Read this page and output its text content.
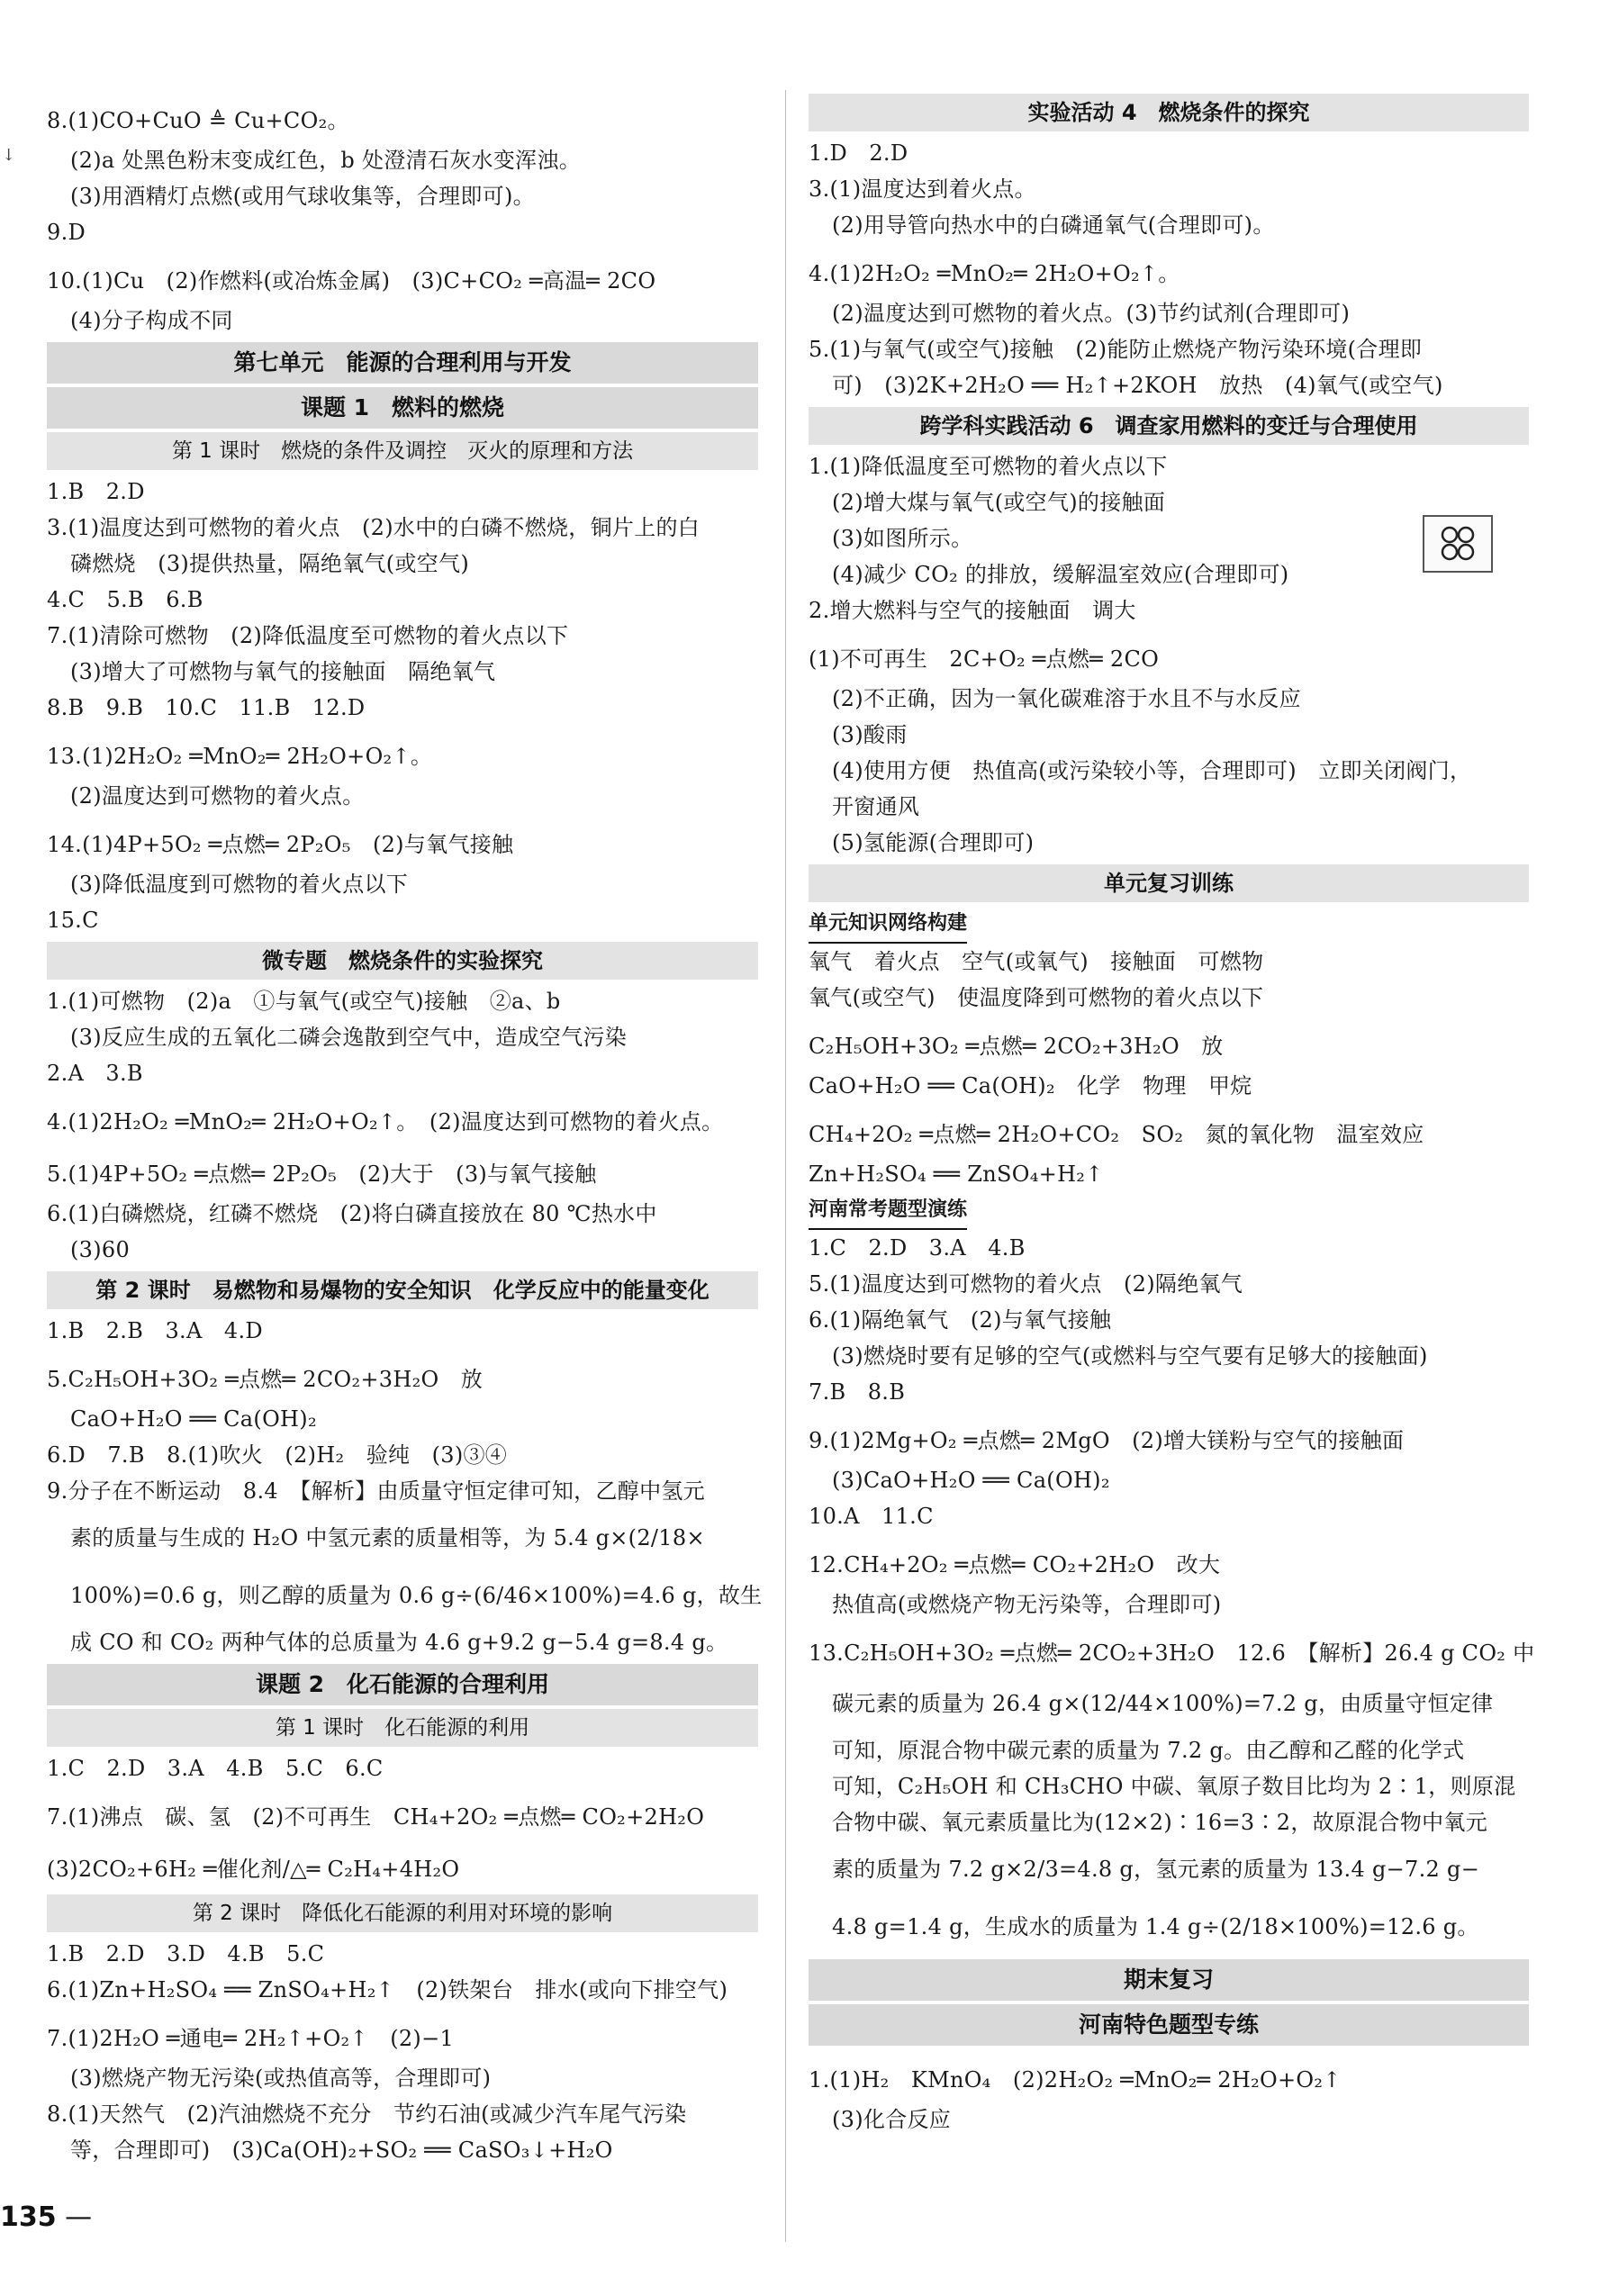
↓
8.(1)CO+CuO ≜ Cu+CO₂。
(2)a 处黑色粉末变成红色，b 处澄清石灰水变浑浊。
(3)用酒精灯点燃(或用气球收集等，合理即可)。
9.D
10.(1)Cu　(2)作燃料(或冶炼金属)　(3)C+CO₂ ═高温═ 2CO
(4)分子构成不同
第七单元　能源的合理利用与开发
课题 1　燃料的燃烧
第 1 课时　燃烧的条件及调控　灭火的原理和方法
1.B　2.D
3.(1)温度达到可燃物的着火点　(2)水中的白磷不燃烧，铜片上的白
磷燃烧　(3)提供热量，隔绝氧气(或空气)
4.C　5.B　6.B
7.(1)清除可燃物　(2)降低温度至可燃物的着火点以下
(3)增大了可燃物与氧气的接触面　隔绝氧气
8.B　9.B　10.C　11.B　12.D
13.(1)2H₂O₂ ═MnO₂═ 2H₂O+O₂↑。
(2)温度达到可燃物的着火点。
14.(1)4P+5O₂ ═点燃═ 2P₂O₅　(2)与氧气接触
(3)降低温度到可燃物的着火点以下
15.C
微专题　燃烧条件的实验探究
1.(1)可燃物　(2)a　①与氧气(或空气)接触　②a、b
(3)反应生成的五氧化二磷会逸散到空气中，造成空气污染
2.A　3.B
4.(1)2H₂O₂ ═MnO₂═ 2H₂O+O₂↑。　(2)温度达到可燃物的着火点。
5.(1)4P+5O₂ ═点燃═ 2P₂O₅　(2)大于　(3)与氧气接触
6.(1)白磷燃烧，红磷不燃烧　(2)将白磷直接放在 80 ℃热水中
(3)60
第 2 课时　易燃物和易爆物的安全知识　化学反应中的能量变化
1.B　2.B　3.A　4.D
5.C₂H₅OH+3O₂ ═点燃═ 2CO₂+3H₂O　放
CaO+H₂O ══ Ca(OH)₂
6.D　7.B　8.(1)吹火　(2)H₂　验纯　(3)③④
9.分子在不断运动　8.4　【解析】由质量守恒定律可知，乙醇中氢元
素的质量与生成的 H₂O 中氢元素的质量相等，为 5.4 g×(2/18×
100%)=0.6 g，则乙醇的质量为 0.6 g÷(6/46×100%)=4.6 g，故生
成 CO 和 CO₂ 两种气体的总质量为 4.6 g+9.2 g−5.4 g=8.4 g。
课题 2　化石能源的合理利用
第 1 课时　化石能源的利用
1.C　2.D　3.A　4.B　5.C　6.C
7.(1)沸点　碳、氢　(2)不可再生　CH₄+2O₂ ═点燃═ CO₂+2H₂O
(3)2CO₂+6H₂ ═催化剂/△═ C₂H₄+4H₂O
第 2 课时　降低化石能源的利用对环境的影响
1.B　2.D　3.D　4.B　5.C
6.(1)Zn+H₂SO₄ ══ ZnSO₄+H₂↑　(2)铁架台　排水(或向下排空气)
7.(1)2H₂O ═通电═ 2H₂↑+O₂↑　(2)−1
(3)燃烧产物无污染(或热值高等，合理即可)
8.(1)天然气　(2)汽油燃烧不充分　节约石油(或减少汽车尾气污染
等，合理即可)　(3)Ca(OH)₂+SO₂ ══ CaSO₃↓+H₂O
实验活动 4　燃烧条件的探究
1.D　2.D
3.(1)温度达到着火点。
(2)用导管向热水中的白磷通氧气(合理即可)。
4.(1)2H₂O₂ ═MnO₂═ 2H₂O+O₂↑。
(2)温度达到可燃物的着火点。(3)节约试剂(合理即可)
5.(1)与氧气(或空气)接触　(2)能防止燃烧产物污染环境(合理即
可)　(3)2K+2H₂O ══ H₂↑+2KOH　放热　(4)氧气(或空气)
跨学科实践活动 6　调查家用燃料的变迁与合理使用
1.(1)降低温度至可燃物的着火点以下
(2)增大煤与氧气(或空气)的接触面
(3)如图所示。
(4)减少 CO₂ 的排放，缓解温室效应(合理即可)
2.增大燃料与空气的接触面　调大
(1)不可再生　2C+O₂ ═点燃═ 2CO
(2)不正确，因为一氧化碳难溶于水且不与水反应
(3)酸雨
(4)使用方便　热值高(或污染较小等，合理即可)　立即关闭阀门，
开窗通风
(5)氢能源(合理即可)
单元复习训练
单元知识网络构建
氧气　着火点　空气(或氧气)　接触面　可燃物
氧气(或空气)　使温度降到可燃物的着火点以下
C₂H₅OH+3O₂ ═点燃═ 2CO₂+3H₂O　放
CaO+H₂O ══ Ca(OH)₂　化学　物理　甲烷
CH₄+2O₂ ═点燃═ 2H₂O+CO₂　SO₂　氮的氧化物　温室效应
Zn+H₂SO₄ ══ ZnSO₄+H₂↑
河南常考题型演练
1.C　2.D　3.A　4.B
5.(1)温度达到可燃物的着火点　(2)隔绝氧气
6.(1)隔绝氧气　(2)与氧气接触
(3)燃烧时要有足够的空气(或燃料与空气要有足够大的接触面)
7.B　8.B
9.(1)2Mg+O₂ ═点燃═ 2MgO　(2)增大镁粉与空气的接触面
(3)CaO+H₂O ══ Ca(OH)₂
10.A　11.C
12.CH₄+2O₂ ═点燃═ CO₂+2H₂O　改大
热值高(或燃烧产物无污染等，合理即可)
13.C₂H₅OH+3O₂ ═点燃═ 2CO₂+3H₂O　12.6　【解析】26.4 g CO₂ 中
碳元素的质量为 26.4 g×(12/44×100%)=7.2 g，由质量守恒定律
可知，原混合物中碳元素的质量为 7.2 g。由乙醇和乙醛的化学式
可知，C₂H₅OH 和 CH₃CHO 中碳、氧原子数目比均为 2∶1，则原混
合物中碳、氧元素质量比为(12×2)∶16=3∶2，故原混合物中氧元
素的质量为 7.2 g×2/3=4.8 g，氢元素的质量为 13.4 g−7.2 g−
4.8 g=1.4 g，生成水的质量为 1.4 g÷(2/18×100%)=12.6 g。
期末复习
河南特色题型专练
1.(1)H₂　KMnO₄　(2)2H₂O₂ ═MnO₂═ 2H₂O+O₂↑
(3)化合反应
135 —
